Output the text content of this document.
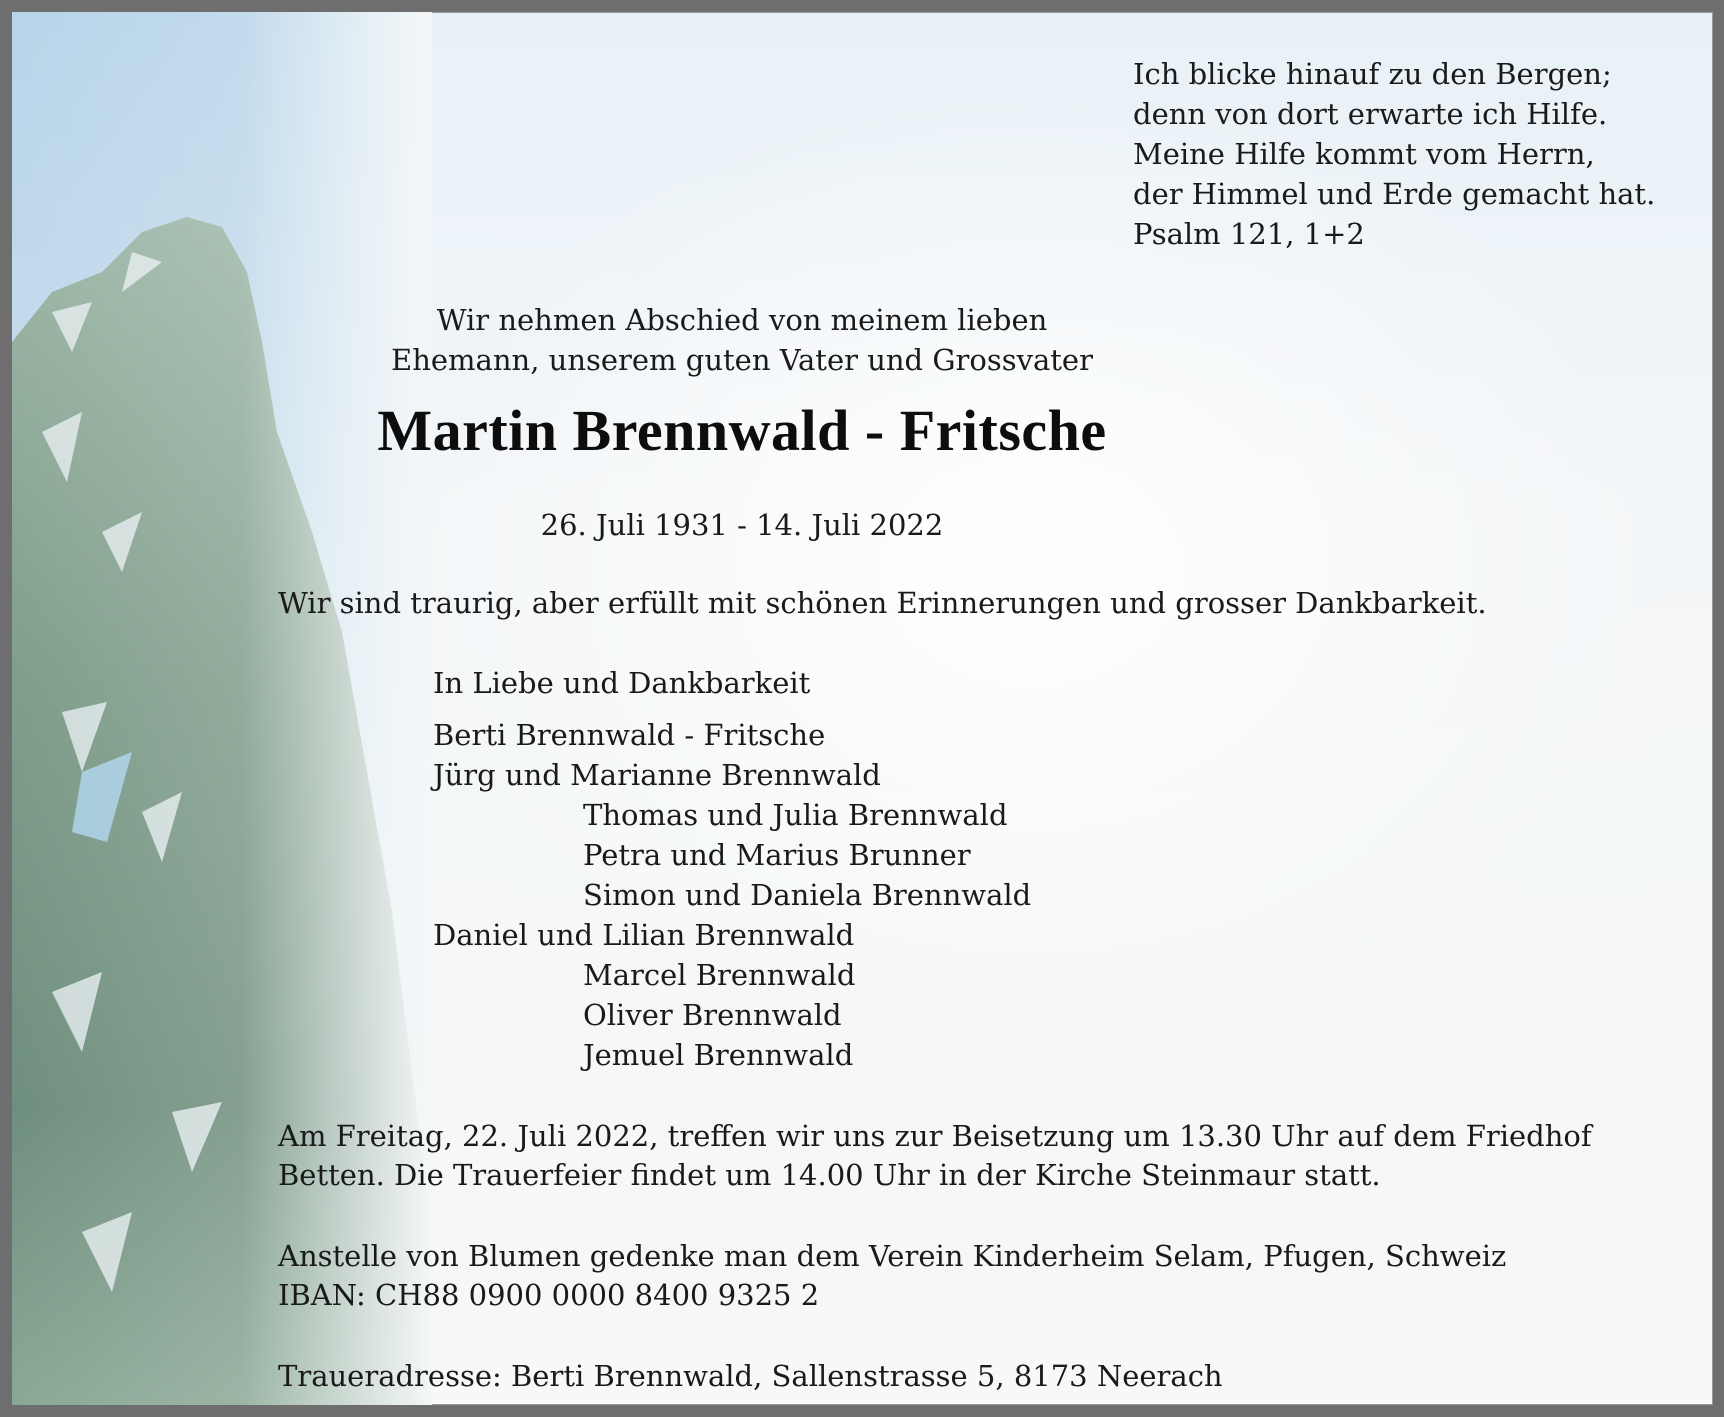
Ich blicke hinauf zu den Bergen;
denn von dort erwarte ich Hilfe.
Meine Hilfe kommt vom Herrn,
der Himmel und Erde gemacht hat.
Psalm 121, 1+2
Wir nehmen Abschied von meinem lieben
Ehemann, unserem guten Vater und Grossvater
Martin Brennwald - Fritsche
26. Juli 1931 - 14. Juli 2022
Wir sind traurig, aber erfüllt mit schönen Erinnerungen und grosser Dankbarkeit.
In Liebe und Dankbarkeit
Berti Brennwald - Fritsche
Jürg und Marianne Brennwald
Thomas und Julia Brennwald
Petra und Marius Brunner
Simon und Daniela Brennwald
Daniel und Lilian Brennwald
Marcel Brennwald
Oliver Brennwald
Jemuel Brennwald
Am Freitag, 22. Juli 2022, treffen wir uns zur Beisetzung um 13.30 Uhr auf dem Friedhof
Betten. Die Trauerfeier findet um 14.00 Uhr in der Kirche Steinmaur statt.
Anstelle von Blumen gedenke man dem Verein Kinderheim Selam, Pfugen, Schweiz
IBAN: CH88 0900 0000 8400 9325 2
Traueradresse: Berti Brennwald, Sallenstrasse 5, 8173 Neerach
